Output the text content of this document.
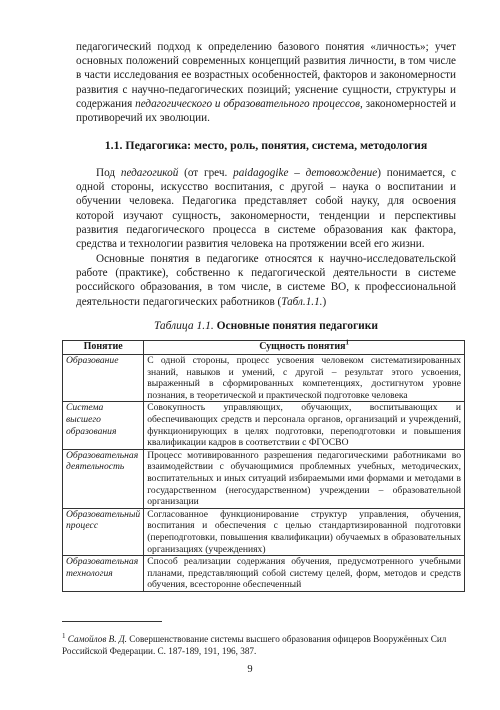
педагогический подход к определению базового понятия «личность»; учет основных положений современных концепций развития личности, в том числе в части исследования ее возрастных особенностей, факторов и закономерности развития с научно-педагогических позиций; уяснение сущности, структуры и содержания педагогического и образовательного процессов, закономерностей и противоречий их эволюции.

1.1. Педагогика: место, роль, понятия, система, методология

Под педагогикой (от греч. paidagogike – детовождение) понимается, с одной стороны, искусство воспитания, с другой – наука о воспитании и обучении человека. Педагогика представляет собой науку, для освоения которой изучают сущность, закономерности, тенденции и перспективы развития педагогического процесса в системе образования как фактора, средства и технологии развития человека на протяжении всей его жизни.

Основные понятия в педагогике относятся к научно-исследовательской работе (практике), собственно к педагогической деятельности в системе российского образования, в том числе, в системе ВО, к профессиональной деятельности педагогических работников (Табл.1.1.)

Таблица 1.1. Основные понятия педагогики

Понятие	Сущность понятия$^1$
Образование	С одной стороны, процесс усвоения человеком систематизированных знаний, навыков и умений, с другой – результат этого усвоения, выраженный в сформированных компетенциях, достигнутом уровне познания, в теоретической и практической подготовке человека
Система высшего образования	Совокупность управляющих, обучающих, воспитывающих и обеспечивающих средств и персонала органов, организаций и учреждений, функционирующих в целях подготовки, переподготовки и повышения квалификации кадров в соответствии с ФГОСВО
Образовательная деятельность	Процесс мотивированного разрешения педагогическими работниками во взаимодействии с обучающимися проблемных учебных, методических, воспитательных и иных ситуаций избираемыми ими формами и методами в государственном (негосударственном) учреждении – образовательной организации
Образовательный процесс	Согласованное функционирование структур управления, обучения, воспитания и обеспечения с целью стандартизированной подготовки (переподготовки, повышения квалификации) обучаемых в образовательных организациях (учреждениях)
Образовательная технология	Способ реализации содержания обучения, предусмотренного учебными планами, представляющий собой систему целей, форм, методов и средств обучения, всесторонне обеспеченный

$^1$ Самойлов В. Д. Совершенствование системы высшего образования офицеров Вооружённых Сил Российской Федерации. С. 187-189, 191, 196, 387.

9
